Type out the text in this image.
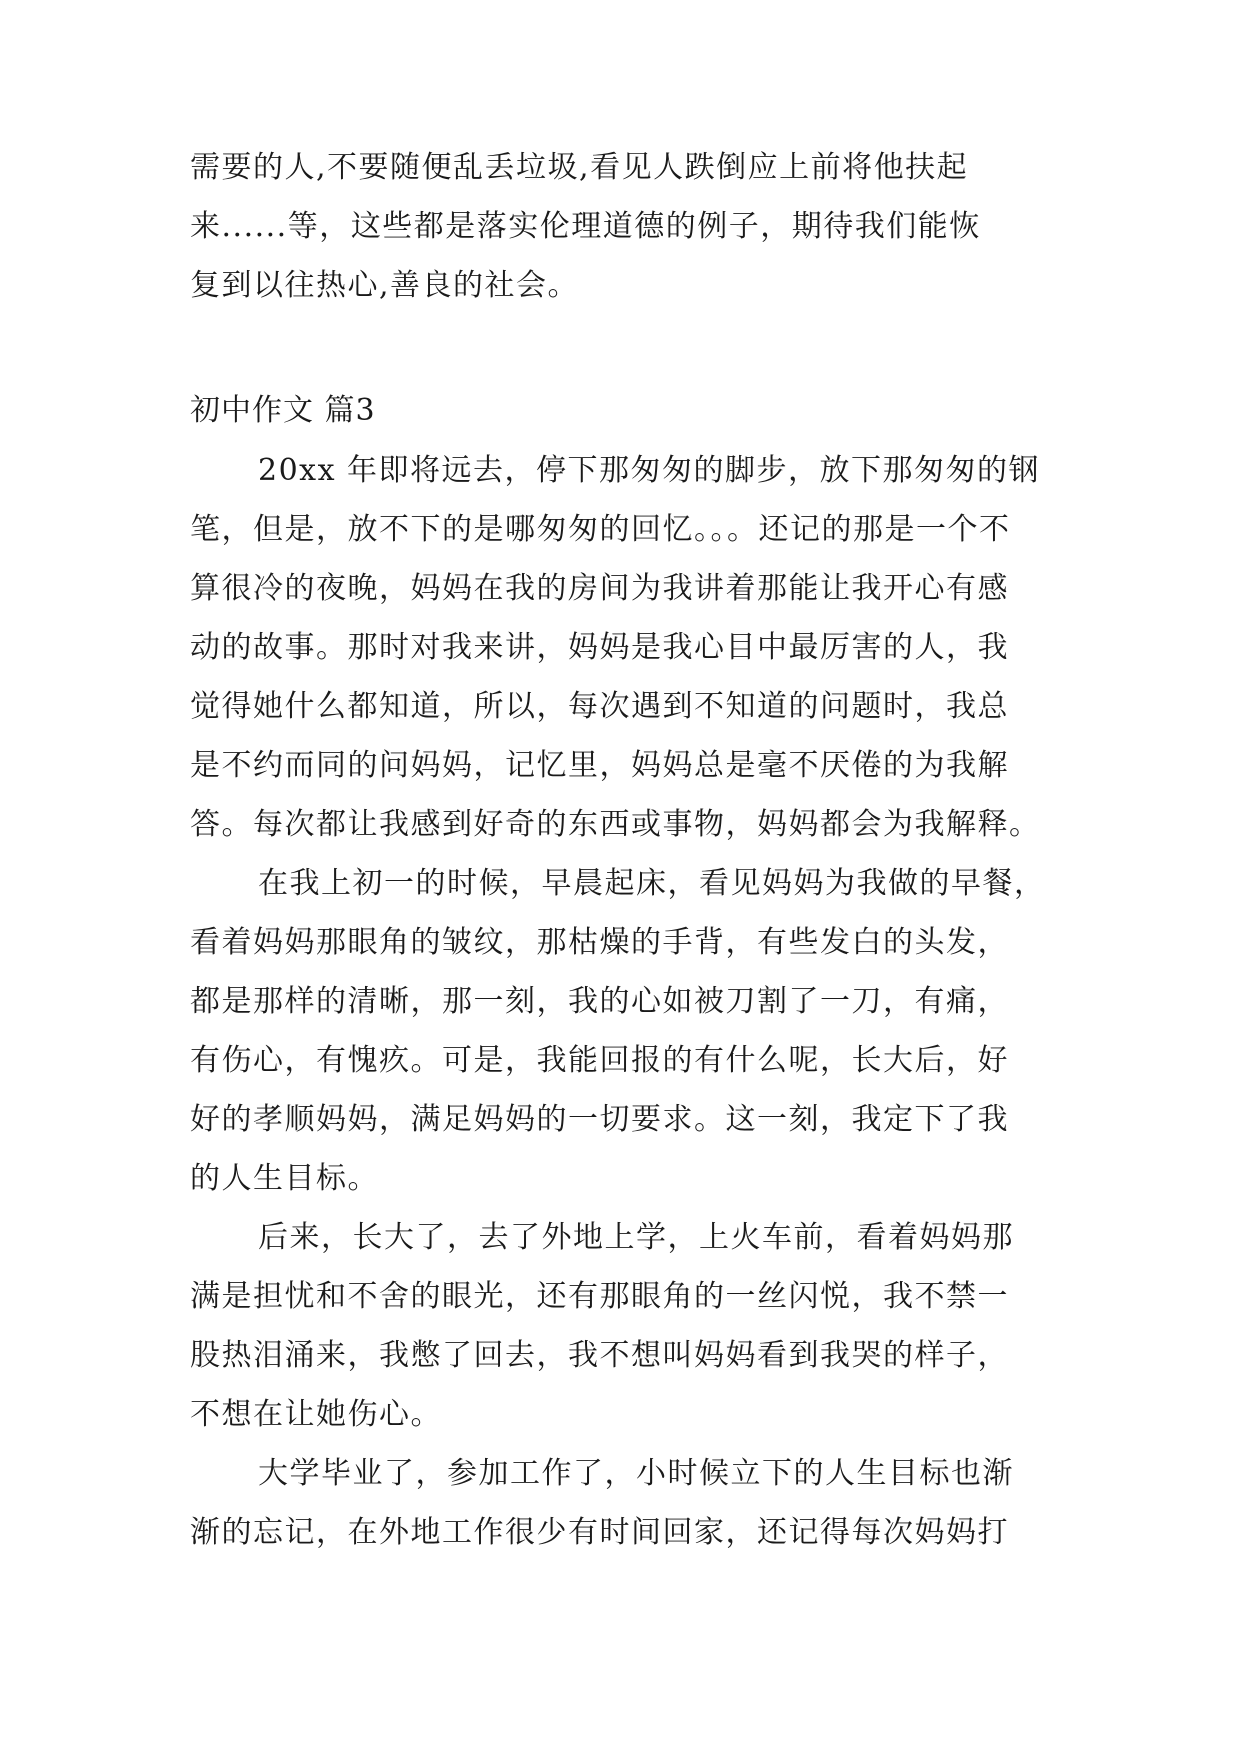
需要的人,不要随便乱丢垃圾,看见人跌倒应上前将他扶起
来......等，这些都是落实伦理道德的例子，期待我们能恢
复到以往热心,善良的社会。
初中作文 篇3
20xx 年即将远去，停下那匆匆的脚步，放下那匆匆的钢
笔，但是，放不下的是哪匆匆的回忆。。。还记的那是一个不
算很冷的夜晚，妈妈在我的房间为我讲着那能让我开心有感
动的故事。那时对我来讲，妈妈是我心目中最厉害的人，我
觉得她什么都知道，所以，每次遇到不知道的问题时，我总
是不约而同的问妈妈，记忆里，妈妈总是毫不厌倦的为我解
答。每次都让我感到好奇的东西或事物，妈妈都会为我解释。
在我上初一的时候，早晨起床，看见妈妈为我做的早餐，
看着妈妈那眼角的皱纹，那枯燥的手背，有些发白的头发，
都是那样的清晰，那一刻，我的心如被刀割了一刀，有痛，
有伤心，有愧疚。可是，我能回报的有什么呢，长大后，好
好的孝顺妈妈，满足妈妈的一切要求。这一刻，我定下了我
的人生目标。
后来，长大了，去了外地上学，上火车前，看着妈妈那
满是担忧和不舍的眼光，还有那眼角的一丝闪悦，我不禁一
股热泪涌来，我憋了回去，我不想叫妈妈看到我哭的样子，
不想在让她伤心。
大学毕业了，参加工作了，小时候立下的人生目标也渐
渐的忘记，在外地工作很少有时间回家，还记得每次妈妈打
